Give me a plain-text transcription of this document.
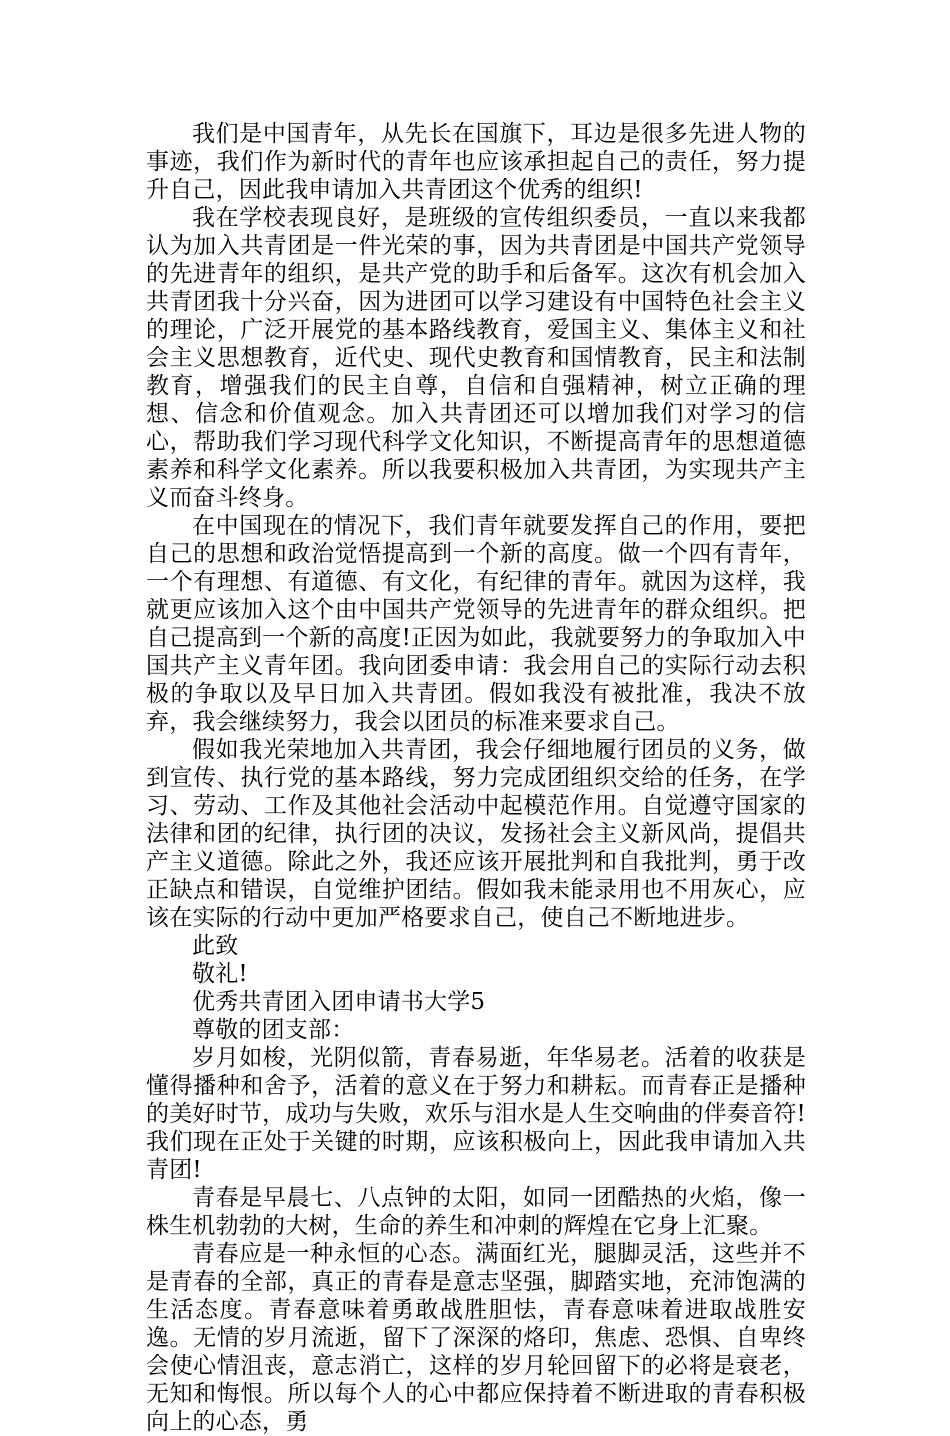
我们是中国青年，从先长在国旗下，耳边是很多先进人物的事迹，我们作为新时代的青年也应该承担起自己的责任，努力提升自己，因此我申请加入共青团这个优秀的组织!

我在学校表现良好，是班级的宣传组织委员，一直以来我都认为加入共青团是一件光荣的事，因为共青团是中国共产党领导的先进青年的组织，是共产党的助手和后备军。这次有机会加入共青团我十分兴奋，因为进团可以学习建设有中国特色社会主义的理论，广泛开展党的基本路线教育，爱国主义、集体主义和社会主义思想教育，近代史、现代史教育和国情教育，民主和法制教育，增强我们的民主自尊，自信和自强精神，树立正确的理想、信念和价值观念。加入共青团还可以增加我们对学习的信心，帮助我们学习现代科学文化知识，不断提高青年的思想道德素养和科学文化素养。所以我要积极加入共青团，为实现共产主义而奋斗终身。

在中国现在的情况下，我们青年就要发挥自己的作用，要把自己的思想和政治觉悟提高到一个新的高度。做一个四有青年，一个有理想、有道德、有文化，有纪律的青年。就因为这样，我就更应该加入这个由中国共产党领导的先进青年的群众组织。把自己提高到一个新的高度!正因为如此，我就要努力的争取加入中国共产主义青年团。我向团委申请：我会用自己的实际行动去积极的争取以及早日加入共青团。假如我没有被批准，我决不放弃，我会继续努力，我会以团员的标准来要求自己。

假如我光荣地加入共青团，我会仔细地履行团员的义务，做到宣传、执行党的基本路线，努力完成团组织交给的任务，在学习、劳动、工作及其他社会活动中起模范作用。自觉遵守国家的法律和团的纪律，执行团的决议，发扬社会主义新风尚，提倡共产主义道德。除此之外，我还应该开展批判和自我批判，勇于改正缺点和错误，自觉维护团结。假如我未能录用也不用灰心，应该在实际的行动中更加严格要求自己，使自己不断地进步。

此致

敬礼!

优秀共青团入团申请书大学5

尊敬的团支部：

岁月如梭，光阴似箭，青春易逝，年华易老。活着的收获是懂得播种和舍予，活着的意义在于努力和耕耘。而青春正是播种的美好时节，成功与失败，欢乐与泪水是人生交响曲的伴奏音符!我们现在正处于关键的时期，应该积极向上，因此我申请加入共青团!

青春是早晨七、八点钟的太阳，如同一团酷热的火焰，像一株生机勃勃的大树，生命的养生和冲刺的辉煌在它身上汇聚。

青春应是一种永恒的心态。满面红光，腿脚灵活，这些并不是青春的全部，真正的青春是意志坚强，脚踏实地，充沛饱满的生活态度。青春意味着勇敢战胜胆怯，青春意味着进取战胜安逸。无情的岁月流逝，留下了深深的烙印，焦虑、恐惧、自卑终会使心情沮丧，意志消亡，这样的岁月轮回留下的必将是衰老，无知和悔恨。所以每个人的心中都应保持着不断进取的青春积极向上的心态，勇
